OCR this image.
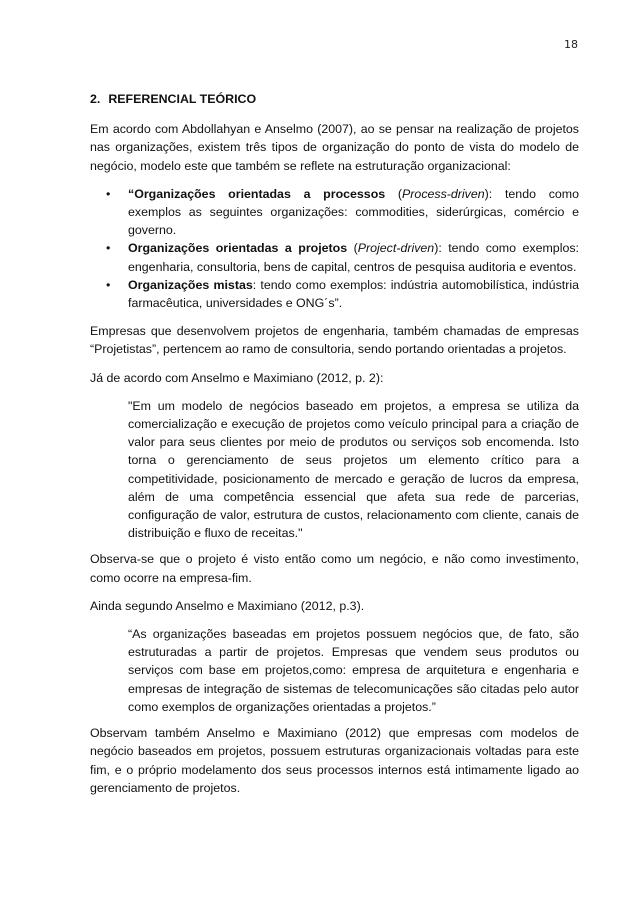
18
2. REFERENCIAL TEÓRICO

Em acordo com Abdollahyan e Anselmo (2007), ao se pensar na realização de projetos nas organizações, existem três tipos de organização do ponto de vista do modelo de negócio, modelo este que também se reflete na estruturação organizacional:

• “Organizações orientadas a processos (Process-driven): tendo como exemplos as seguintes organizações: commodities, siderúrgicas, comércio e governo.
• Organizações orientadas a projetos (Project-driven): tendo como exemplos: engenharia, consultoria, bens de capital, centros de pesquisa auditoria e eventos.
• Organizações mistas: tendo como exemplos: indústria automobilística, indústria farmacêutica, universidades e ONG´s”.

Empresas que desenvolvem projetos de engenharia, também chamadas de empresas “Projetistas”, pertencem ao ramo de consultoria, sendo portando orientadas a projetos.

Já de acordo com Anselmo e Maximiano (2012, p. 2):

"Em um modelo de negócios baseado em projetos, a empresa se utiliza da comercialização e execução de projetos como veículo principal para a criação de valor para seus clientes por meio de produtos ou serviços sob encomenda. Isto torna o gerenciamento de seus projetos um elemento crítico para a competitividade, posicionamento de mercado e geração de lucros da empresa, além de uma competência essencial que afeta sua rede de parcerias, configuração de valor, estrutura de custos, relacionamento com cliente, canais de distribuição e fluxo de receitas."

Observa-se que o projeto é visto então como um negócio, e não como investimento, como ocorre na empresa-fim.

Ainda segundo Anselmo e Maximiano (2012, p.3).

“As organizações baseadas em projetos possuem negócios que, de fato, são estruturadas a partir de projetos. Empresas que vendem seus produtos ou serviços com base em projetos,como: empresa de arquitetura e engenharia e empresas de integração de sistemas de telecomunicações são citadas pelo autor como exemplos de organizações orientadas a projetos.”

Observam também Anselmo e Maximiano (2012) que empresas com modelos de negócio baseados em projetos, possuem estruturas organizacionais voltadas para este fim, e o próprio modelamento dos seus processos internos está intimamente ligado ao gerenciamento de projetos.
